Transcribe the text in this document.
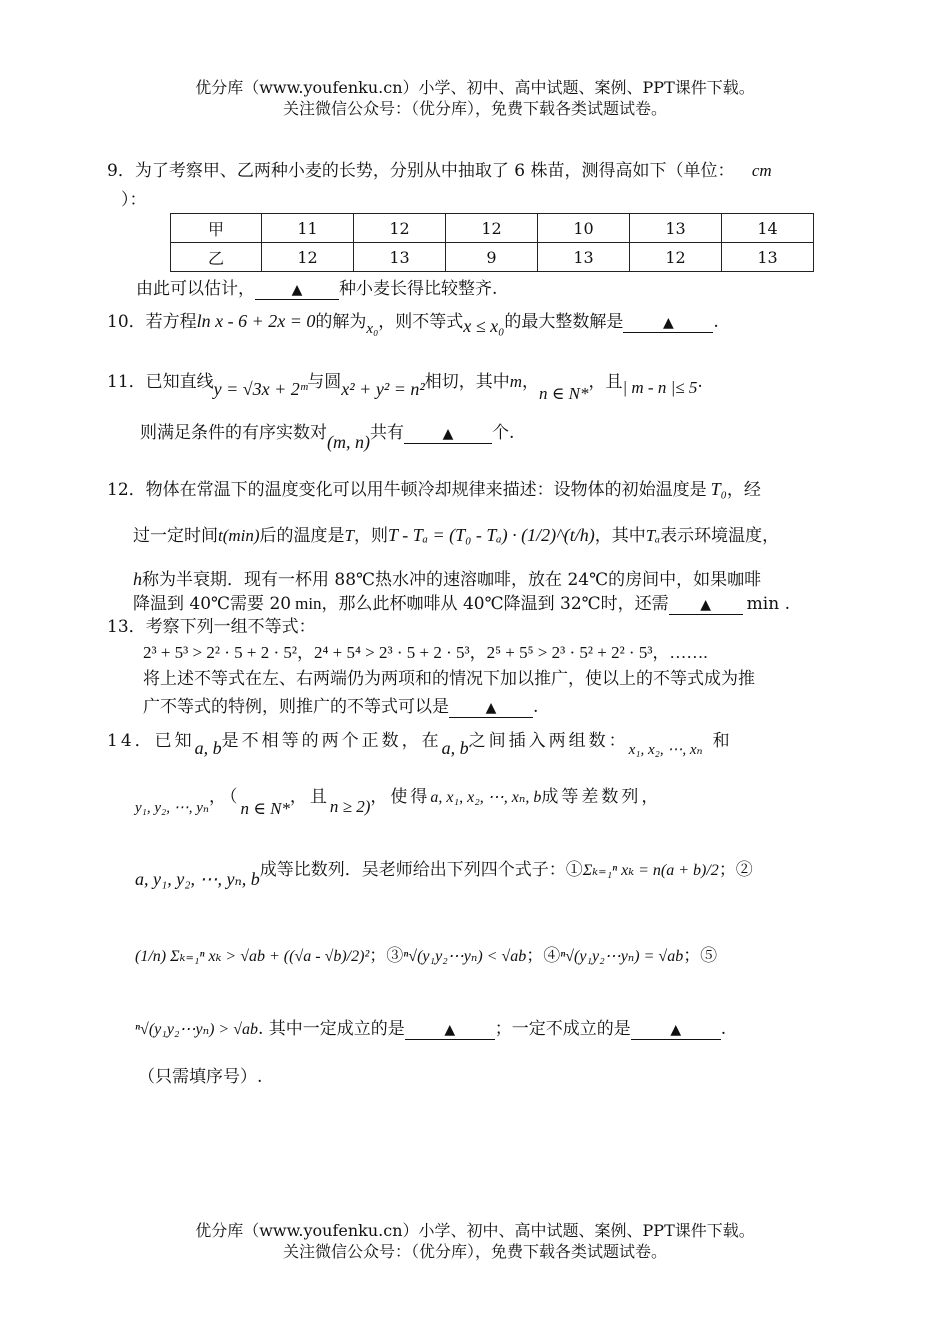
优分库（www.youfenku.cn）小学、初中、高中试题、案例、PPT课件下载。
关注微信公众号：（优分库），免费下载各类试题试卷。
9．为了考察甲、乙两种小麦的长势，分别从中抽取了 6 株苗，测得高如下（单位： cm
）：
甲	11	12	12	10	13	14
乙	12	13	9	13	12	13
由此可以估计，	▲ 种小麦长得比较整齐.
10．若方程ln x - 6 + 2x = 0的解为x₀，则不等式x ≤ x₀的最大整数解是	▲ .
11．已知直线y = √3x + 2ᵐ与圆x² + y² = n²相切，其中m，n ∈ N*，且| m - n |≤ 5.
则满足条件的有序实数对(m, n)共有	▲ 个.
12．物体在常温下的温度变化可以用牛顿冷却规律来描述：设物体的初始温度是 T₀，经
过一定时间t(min)后的温度是T，则T - Tₐ = (T₀ - Tₐ) · (1/2)^(t/h)，其中Tₐ表示环境温度，
h称为半衰期．现有一杯用 88℃热水冲的速溶咖啡，放在 24℃的房间中，如果咖啡
降温到 40℃需要 20 min，那么此杯咖啡从 40℃降温到 32℃时，还需 ▲ min .
13．考察下列一组不等式：
2³ + 5³ > 2² · 5 + 2 · 5²，2⁴ + 5⁴ > 2³ · 5 + 2 · 5³，2⁵ + 5⁵ > 2³ · 5² + 2² · 5³，…….
将上述不等式在左、右两端仍为两项和的情况下加以推广，使以上的不等式成为推
广不等式的特例，则推广的不等式可以是	▲ .
14．已知a, b是不相等的两个正数，在a, b之间插入两组数：x₁, x₂, ⋯, xₙ 和
y₁, y₂, ⋯, yₙ，（n ∈ N*，且n ≥ 2)，使得a, x₁, x₂, ⋯, xₙ, b成等差数列，
a, y₁, y₂, ⋯, yₙ, b成等比数列．吴老师给出下列四个式子：①Σₖ₌₁ⁿ xₖ = n(a + b)/2；②
(1/n) Σₖ₌₁ⁿ xₖ > √ab + ((√a - √b)/2)²；③ⁿ√(y₁y₂⋯yₙ) < √ab；④ⁿ√(y₁y₂⋯yₙ) = √ab；⑤
ⁿ√(y₁y₂⋯yₙ) > √ab. 其中一定成立的是	▲ ；一定不成立的是	▲ .
（只需填序号）.
优分库（www.youfenku.cn）小学、初中、高中试题、案例、PPT课件下载。
关注微信公众号：（优分库），免费下载各类试题试卷。
